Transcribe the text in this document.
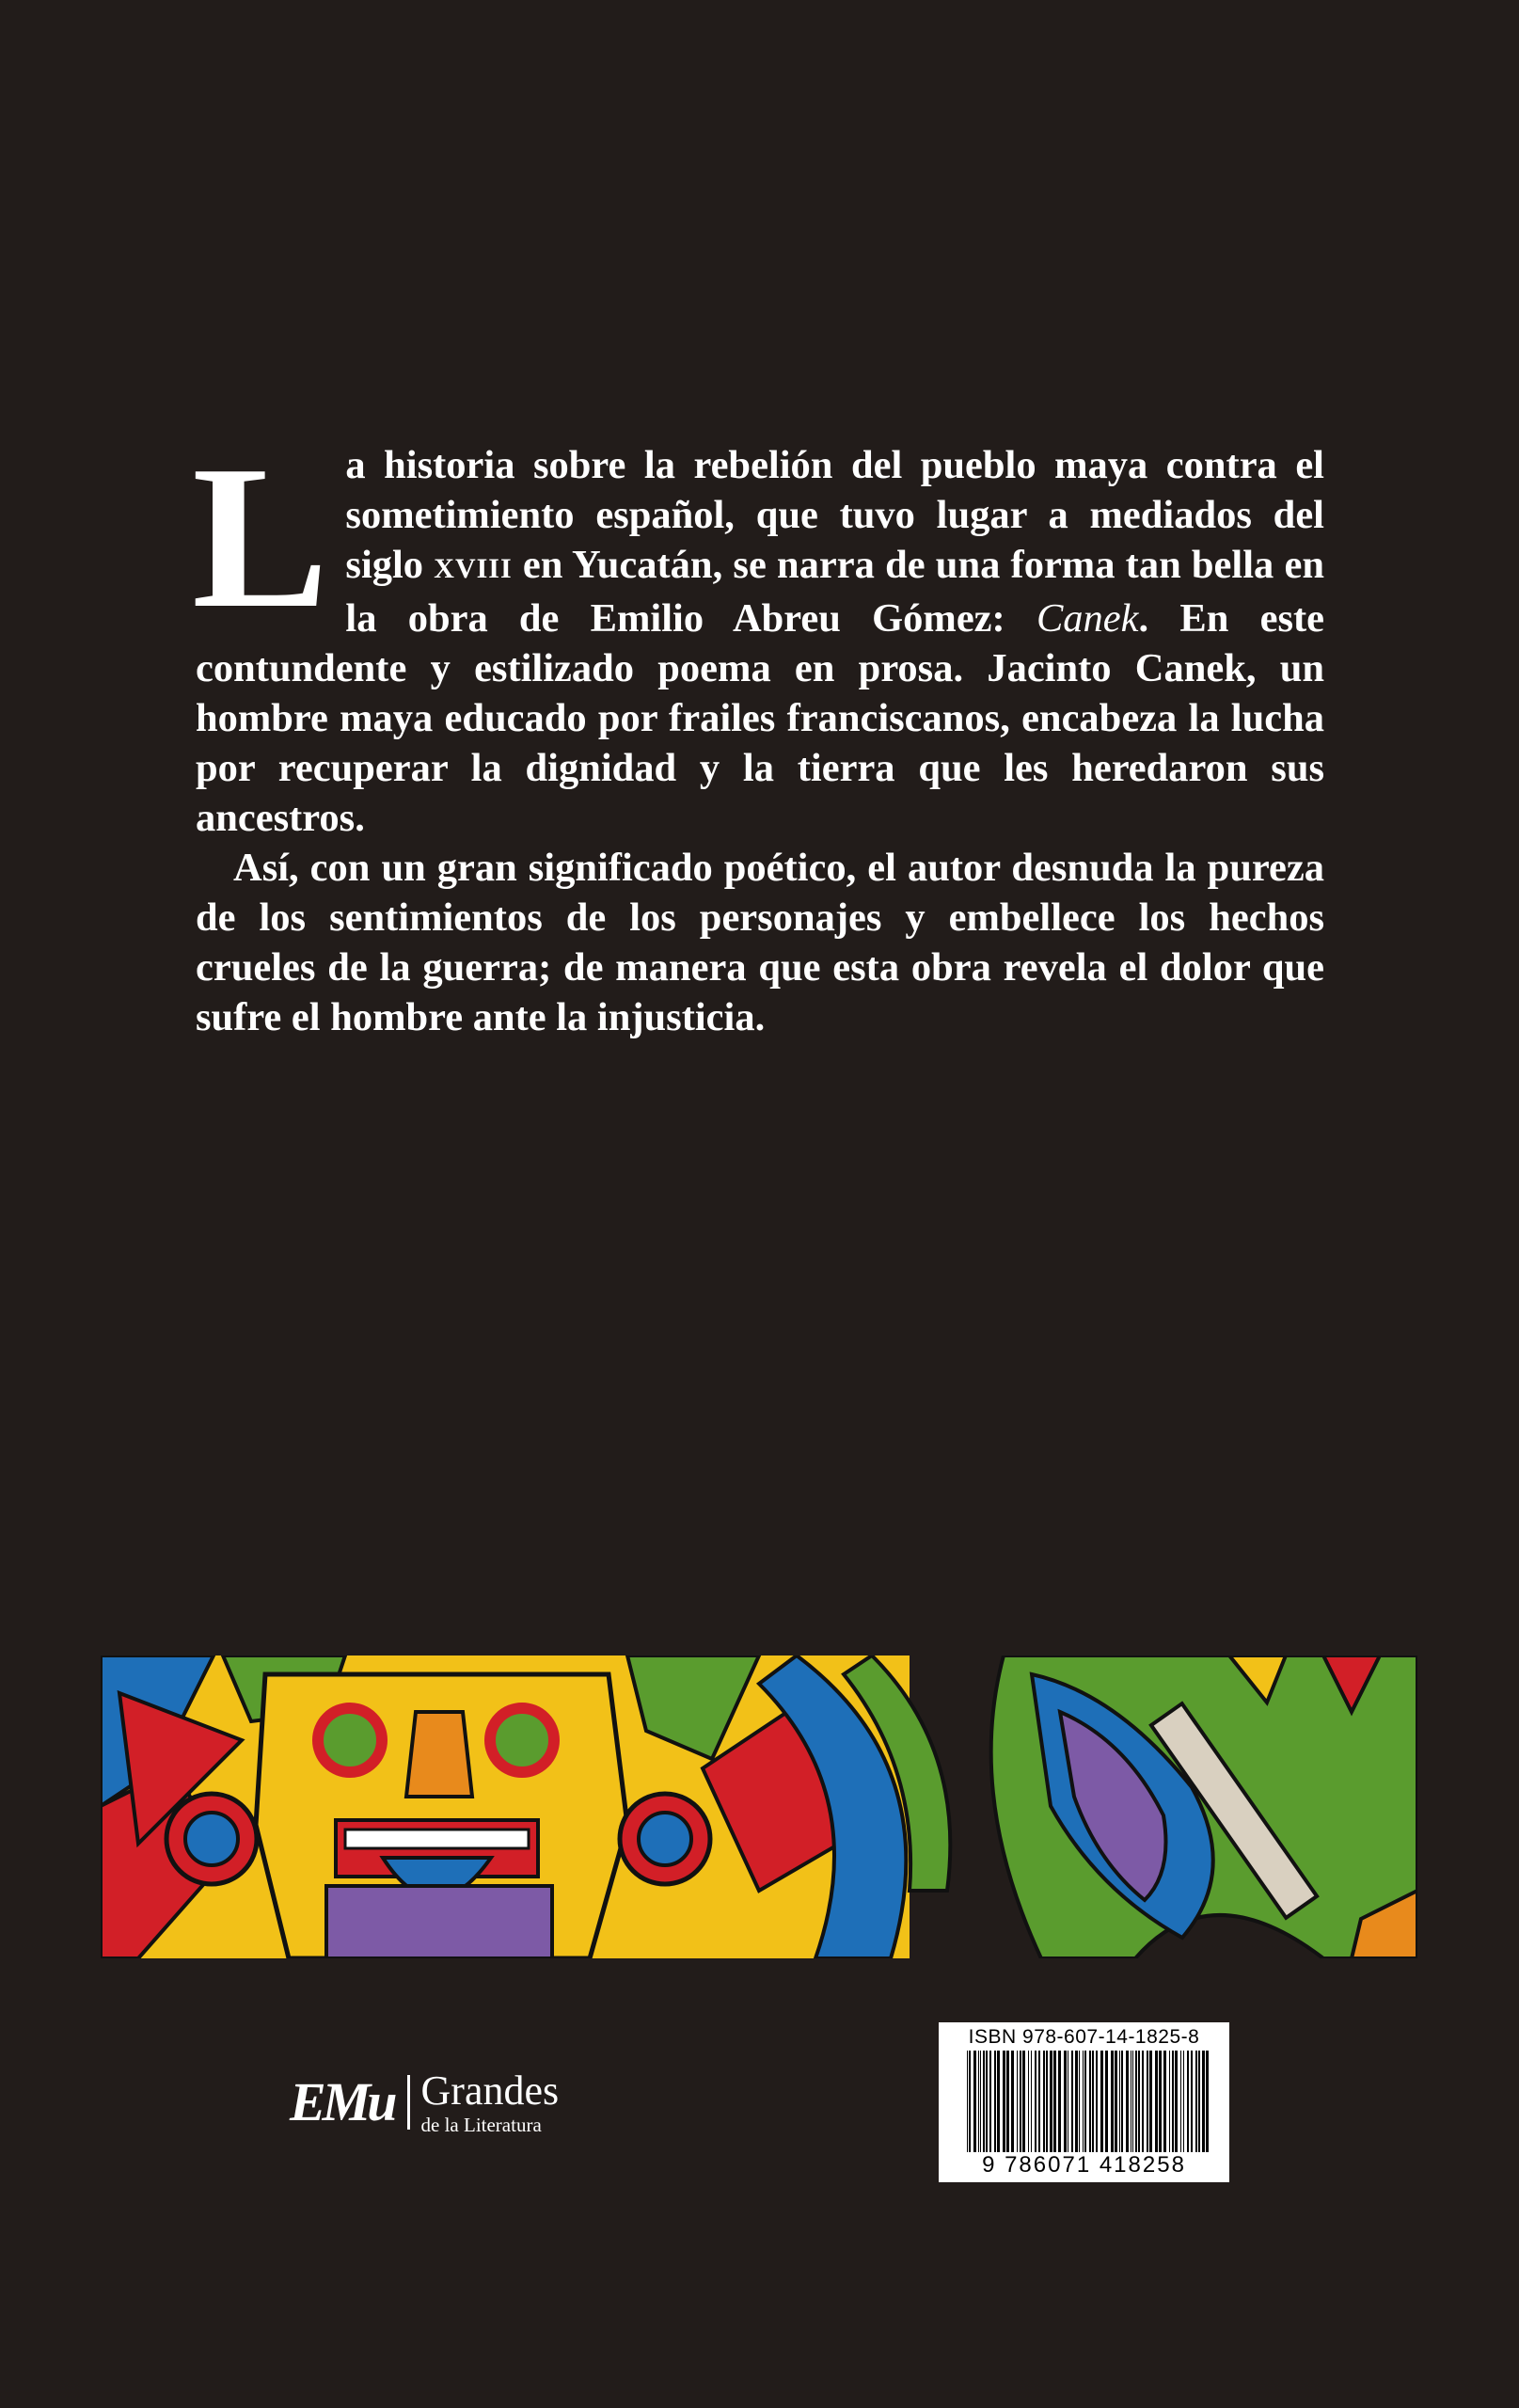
La historia sobre la rebelión del pueblo maya contra el sometimiento español, que tuvo lugar a mediados del siglo XVIII en Yucatán, se narra de una forma tan bella en la obra de Emilio Abreu Gómez: Canek. En este contundente y estilizado poema en prosa. Jacinto Canek, un hombre maya educado por frailes franciscanos, encabeza la lucha por recuperar la dignidad y la tierra que les heredaron sus ancestros.

Así, con un gran significado poético, el autor desnuda la pureza de los sentimientos de los personajes y embellece los hechos crueles de la guerra; de manera que esta obra revela el dolor que sufre el hombre ante la injusticia.

EMu Grandes
de la Literatura
ISBN 978-607-14-1825-8
9 786071 418258
